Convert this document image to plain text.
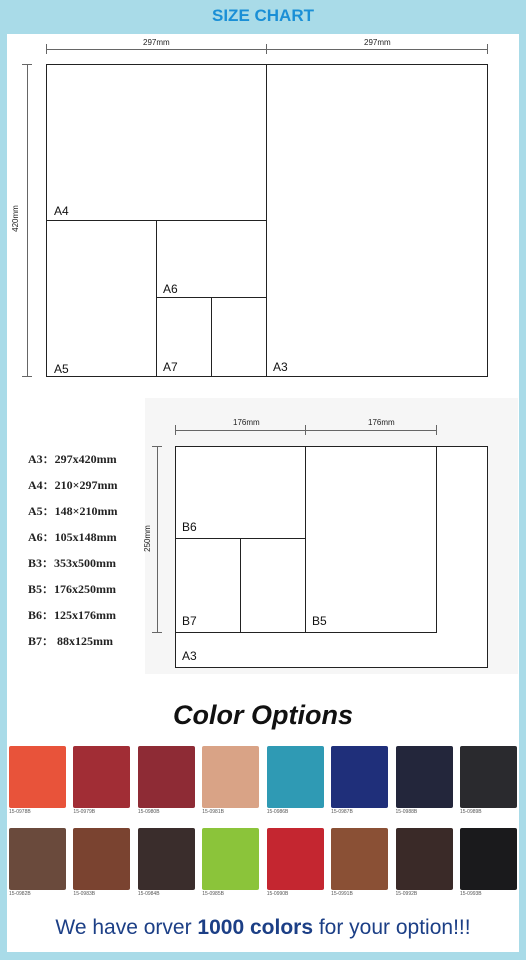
SIZE CHART
297mm	297mm
420mm	A4
A6
A5	A7	A3
176mm	176mm
250mm	B6
B7	B5
A3
A3：297x420mm
A4：210×297mm
A5：148×210mm
A6：105x148mm
B3：353x500mm
B5：176x250mm
B6：125x176mm
B7： 88x125mm
Color Options
15-0978B	15-0979B	15-0980B	15-0981B	15-0986B	15-0987B	15-0988B	15-0989B
15-0982B	15-0983B	15-0984B	15-0985B	15-0990B	15-0991B	15-0992B	15-0993B
We have orver 1000 colors for your option!!!
